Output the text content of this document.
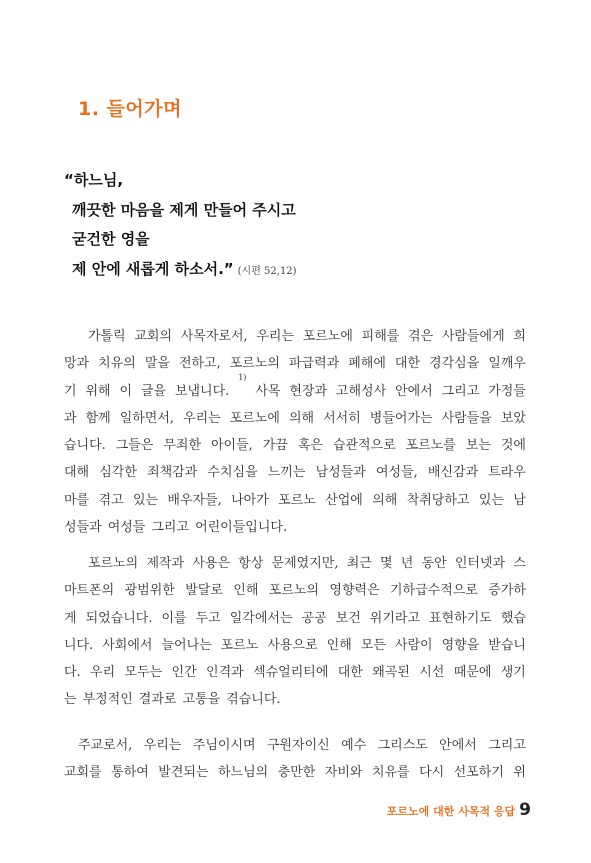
1. 들어가며
“하느님,
깨끗한 마음을 제게 만들어 주시고
굳건한 영을
제 안에 새롭게 하소서.” (시편 52,12)
가톨릭 교회의 사목자로서, 우리는 포르노에 피해를 겪은 사람들에게 희
망과 치유의 말을 전하고, 포르노의 파급력과 폐해에 대한 경각심을 일깨우
기 위해 이 글을 보냅니다.
1)
사목 현장과 고해성사 안에서 그리고 가정들
과 함께 일하면서, 우리는 포르노에 의해 서서히 병들어가는 사람들을 보았
습니다. 그들은 무죄한 아이들, 가끔 혹은 습관적으로 포르노를 보는 것에
대해 심각한 죄책감과 수치심을 느끼는 남성들과 여성들, 배신감과 트라우
마를 겪고 있는 배우자들, 나아가 포르노 산업에 의해 착취당하고 있는 남
성들과 여성들 그리고 어린이들입니다.
포르노의 제작과 사용은 항상 문제였지만, 최근 몇 년 동안 인터넷과 스
마트폰의 광범위한 발달로 인해 포르노의 영향력은 기하급수적으로 증가하
게 되었습니다. 이를 두고 일각에서는 공공 보건 위기라고 표현하기도 했습
니다. 사회에서 늘어나는 포르노 사용으로 인해 모든 사람이 영향을 받습니
다. 우리 모두는 인간 인격과 섹슈얼리티에 대한 왜곡된 시선 때문에 생기
는 부정적인 결과로 고통을 겪습니다.
주교로서, 우리는 주님이시며 구원자이신 예수 그리스도 안에서 그리고
교회를 통하여 발견되는 하느님의 충만한 자비와 치유를 다시 선포하기 위
포르노에 대한 사목적 응답 9
